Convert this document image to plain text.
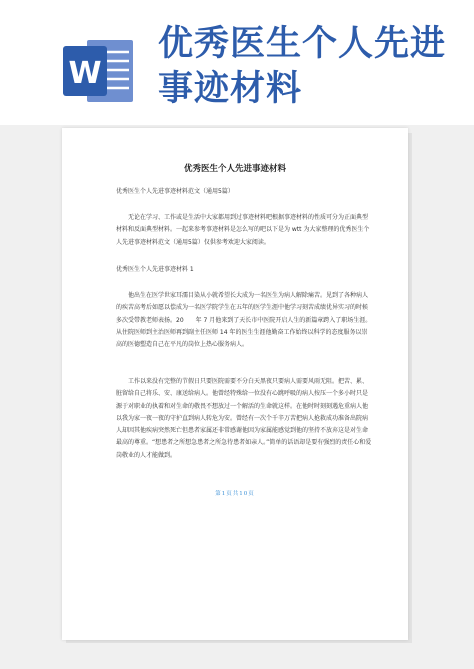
W
优秀医生个人先进
事迹材料
优秀医生个人先进事迹材料
优秀医生个人先进事迹材料范文（通用5篇）
无论在学习、工作或是生活中大家都用到过事迹材料吧根据事迹材料的性质可分为正面典型材料和反面典型材料。一起来参考事迹材料是怎么写的吧以下是为 wtt 为大家整理的优秀医生个人先进事迹材料范文（通用5篇）仅供参考欢迎大家阅读。
优秀医生个人先进事迹材料 1
他出生在医学世家耳濡目染从小就希望长大成为一名医生为病人解除痛苦。见到了各种病人的疾苦高考后如愿以偿成为一名医学院学生在五年的医学生涯中他学习刻苦成绩优异实习的时候多次受带教老师表扬。20　　年 7 月他来到了天长市中医院开启人生的新篇章跨入了职场生涯。从住院医师到主治医师再到副主任医师 14 年的医生生涯他勤奋工作始终以科学的态度服务以崇高的医德塑造自己在平凡的岗位上热心服务病人。
工作以来没有完整的节假日只要医院需要不分白天黑夜只要病人需要风雨无阻。把苦、累、脏留给自己将乐、安、康送给病人。他曾经特殊给一位没有心跳呼吸的病人按压一个多小时只是源于对职业的执着和对生命的敬畏不想放过一个解活的生命就这样。在他时时刻刻遇危重病人他以我为家一夜一夜的守护直到病人转危为安。曾经有一次个千辛万苦把病人抢救成功准备出院病人却因其他疾病突然死亡但患者家属还非常感谢他因为家属能感觉到他的坚持不放弃这是对生命最高的尊重。“想患者之所想急患者之所急待患者如亲人。”简单的话语却是要有强烈的责任心和爱岗敬业的人才能做到。
第1页共10页
